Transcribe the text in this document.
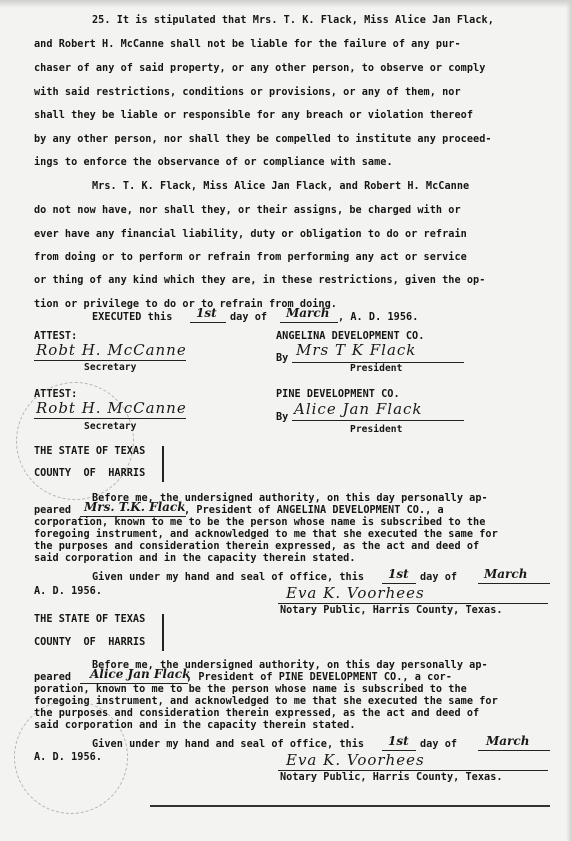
25. It is stipulated that Mrs. T. K. Flack, Miss Alice Jan Flack,
and Robert H. McCanne shall not be liable for the failure of any pur-
chaser of any of said property, or any other person, to observe or comply
with said restrictions, conditions or provisions, or any of them, nor
shall they be liable or responsible for any breach or violation thereof
by any other person, nor shall they be compelled to institute any proceed-
ings to enforce the observance of or compliance with same.
Mrs. T. K. Flack, Miss Alice Jan Flack, and Robert H. McCanne
do not now have, nor shall they, or their assigns, be charged with or
ever have any financial liability, duty or obligation to do or refrain
from doing or to perform or refrain from performing any act or service
or thing of any kind which they are, in these restrictions, given the op-
tion or privilege to do or to refrain from doing.
EXECUTED this 1st day of March , A. D. 1956.
ATTEST:
Robt H. McCanne
Secretary
ANGELINA DEVELOPMENT CO.
By Mrs T K Flack
President
ATTEST:
Robt H. McCanne
Secretary
PINE DEVELOPMENT CO.
By Alice Jan Flack
President
THE STATE OF TEXAS
COUNTY  OF  HARRIS
Before me, the undersigned authority, on this day personally ap-
peared Mrs. T.K. Flack
, President of ANGELINA DEVELOPMENT CO., a
corporation, known to me to be the person whose name is subscribed to the
foregoing instrument, and acknowledged to me that she executed the same for
the purposes and consideration therein expressed, as the act and deed of
said corporation and in the capacity therein stated.
Given under my hand and seal of office, this 1st day of March
A. D. 1956.	Eva K. Voorhees
Notary Public, Harris County, Texas.
THE STATE OF TEXAS
COUNTY  OF  HARRIS
Before me, the undersigned authority, on this day personally ap-
peared Alice Jan Flack
, President of PINE DEVELOPMENT CO., a cor-
poration, known to me to be the person whose name is subscribed to the
foregoing instrument, and acknowledged to me that she executed the same for
the purposes and consideration therein expressed, as the act and deed of
said corporation and in the capacity therein stated.
Given under my hand and seal of office, this 1st day of March
A. D. 1956.	Eva K. Voorhees
Notary Public, Harris County, Texas.
